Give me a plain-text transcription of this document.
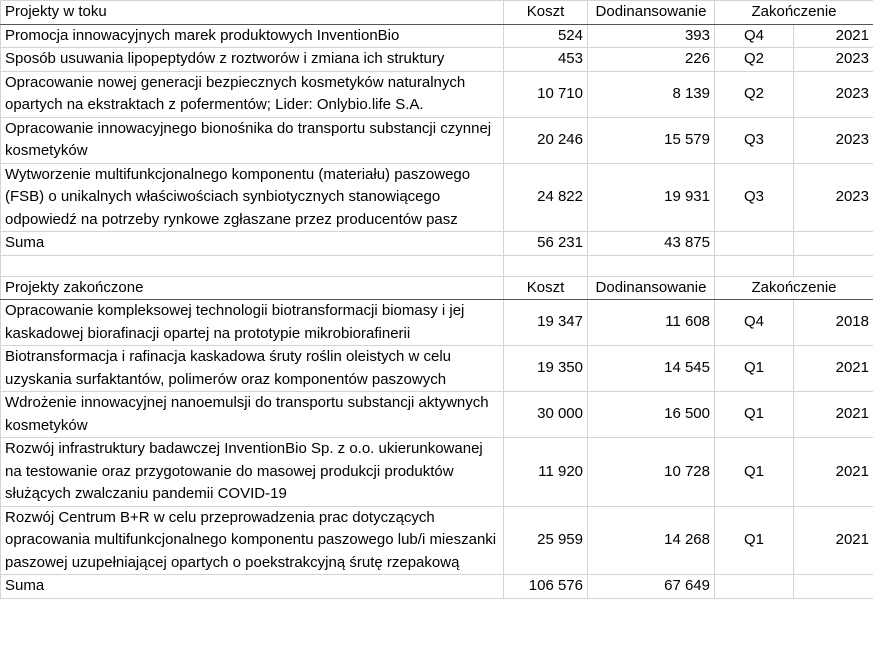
Projekty w toku	Koszt	Dodinansowanie	Zakończenie	
Promocja innowacyjnych marek produktowych InventionBio	524	393	Q4	2021
Sposób usuwania lipopeptydów z roztworów i zmiana ich struktury	453	226	Q2	2023
Opracowanie nowej generacji bezpiecznych kosmetyków naturalnych opartych na ekstraktach z pofermentów; Lider: Onlybio.life S.A.	10 710	8 139	Q2	2023
Opracowanie innowacyjnego bionośnika do transportu substancji czynnej kosmetyków	20 246	15 579	Q3	2023
Wytworzenie multifunkcjonalnego komponentu (materiału) paszowego (FSB) o unikalnych właściwościach synbiotycznych stanowiącego odpowiedź na potrzeby rynkowe zgłaszane przez producentów pasz	24 822	19 931	Q3	2023
Suma	56 231	43 875		

Projekty zakończone	Koszt	Dodinansowanie	Zakończenie	
Opracowanie kompleksowej technologii biotransformacji biomasy i jej kaskadowej biorafinacji opartej na prototypie mikrobiorafinerii	19 347	11 608	Q4	2018
Biotransformacja i rafinacja kaskadowa śruty roślin oleistych w celu uzyskania surfaktantów, polimerów oraz komponentów paszowych	19 350	14 545	Q1	2021
Wdrożenie innowacyjnej nanoemulsji do transportu substancji aktywnych kosmetyków	30 000	16 500	Q1	2021
Rozwój infrastruktury badawczej InventionBio Sp. z o.o. ukierunkowanej na testowanie oraz przygotowanie do masowej produkcji produktów służących zwalczaniu pandemii COVID-19	11 920	10 728	Q1	2021
Rozwój Centrum B+R w celu przeprowadzenia prac dotyczących opracowania multifunkcjonalnego komponentu paszowego lub/i mieszanki paszowej uzupełniającej opartych o poekstrakcyjną śrutę rzepakową	25 959	14 268	Q1	2021
Suma	106 576	67 649		
